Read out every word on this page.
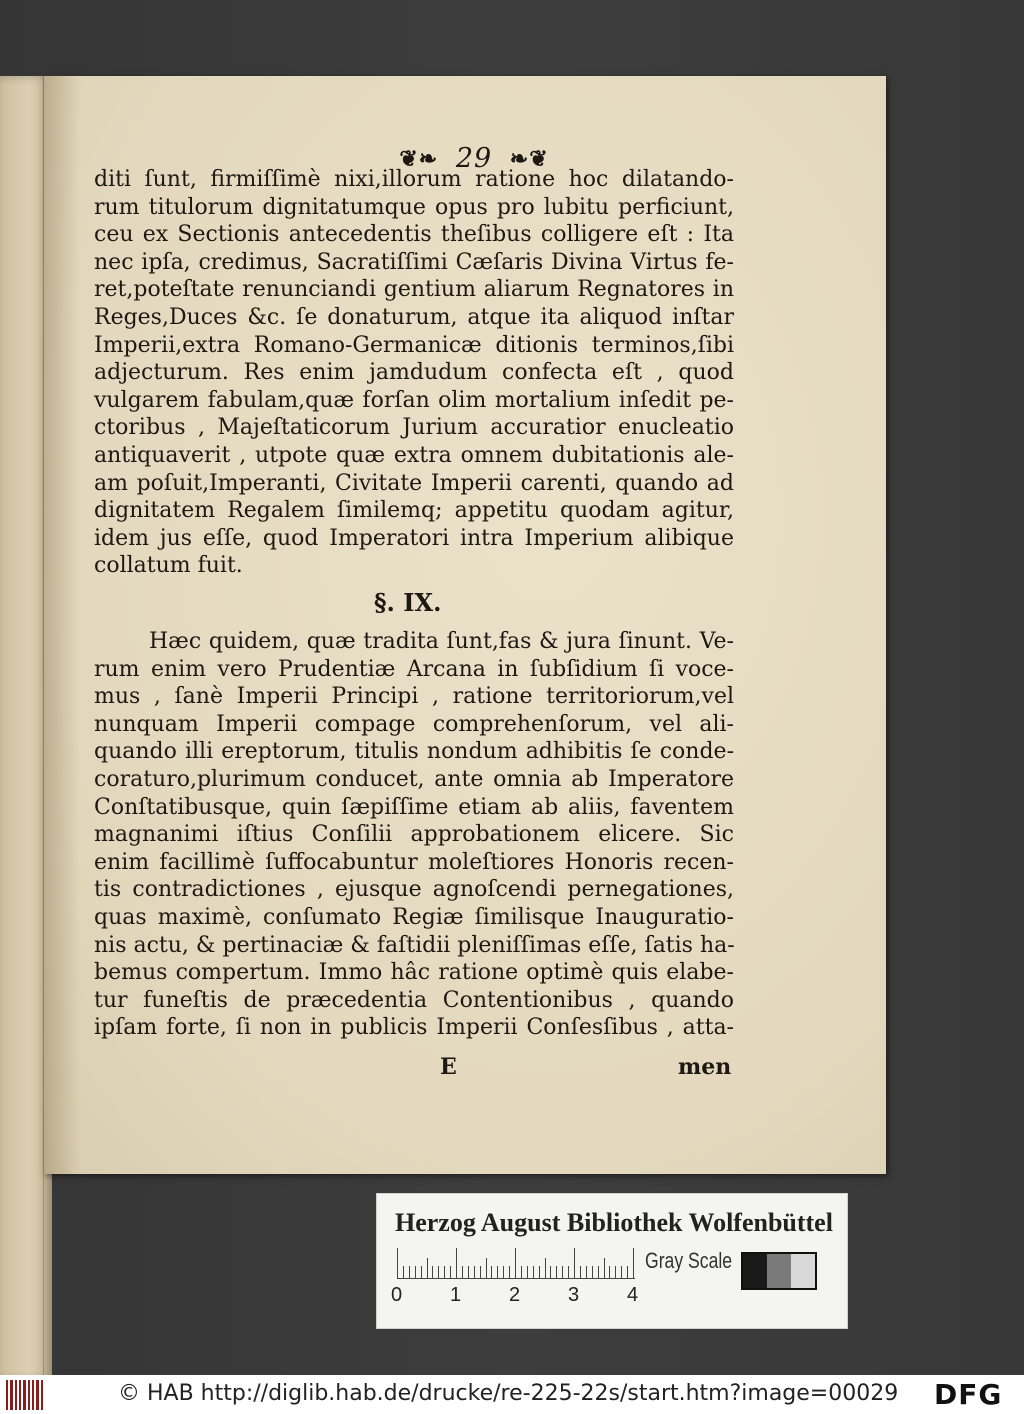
❦❧ 29 ❧❦
diti ſunt, firmiſſimè nixi,illorum ratione hoc dilatando-
rum titulorum dignitatumque opus pro lubitu perficiunt,
ceu ex Sectionis antecedentis theſibus colligere eſt : Ita
nec ipſa, credimus, Sacratiſſimi Cæſaris Divina Virtus fe-
ret,poteſtate renunciandi gentium aliarum Regnatores in
Reges,Duces &c. ſe donaturum, atque ita aliquod inſtar
Imperii,extra Romano-Germanicæ ditionis terminos,ſibi
adjecturum. Res enim jamdudum confecta eſt , quod
vulgarem fabulam,quæ forſan olim mortalium inſedit pe-
ctoribus , Majeſtaticorum Jurium accuratior enucleatio
antiquaverit , utpote quæ extra omnem dubitationis ale-
am poſuit,Imperanti, Civitate Imperii carenti, quando ad
dignitatem Regalem ſimilemq; appetitu quodam agitur,
idem jus eſſe, quod Imperatori intra Imperium alibique
collatum fuit.
§. IX.
Hæc quidem, quæ tradita ſunt,fas & jura ſinunt. Ve-
rum enim vero Prudentiæ Arcana in ſubſidium ſi voce-
mus , ſanè Imperii Principi , ratione territoriorum,vel
nunquam Imperii compage comprehenſorum, vel ali-
quando illi ereptorum, titulis nondum adhibitis ſe conde-
coraturo,plurimum conducet, ante omnia ab Imperatore
Conſtatibusque, quin ſæpiſſime etiam ab aliis, faventem
magnanimi iſtius Conſilii approbationem elicere. Sic
enim facillimè ſuffocabuntur moleſtiores Honoris recen-
tis contradictiones , ejusque agnoſcendi pernegationes,
quas maximè, conſumato Regiæ ſimilisque Inauguratio-
nis actu, & pertinaciæ & faſtidii pleniſſimas eſſe, ſatis ha-
bemus compertum. Immo hâc ratione optimè quis elabe-
tur funeſtis de præcedentia Contentionibus , quando
ipſam forte, ſi non in publicis Imperii Conſesſibus , atta-
E	men
Herzog August Bibliothek Wolfenbüttel
0 1 2 3 4
Gray Scale
© HAB http://diglib.hab.de/drucke/re-225-22s/start.htm?image=00029 DFG
